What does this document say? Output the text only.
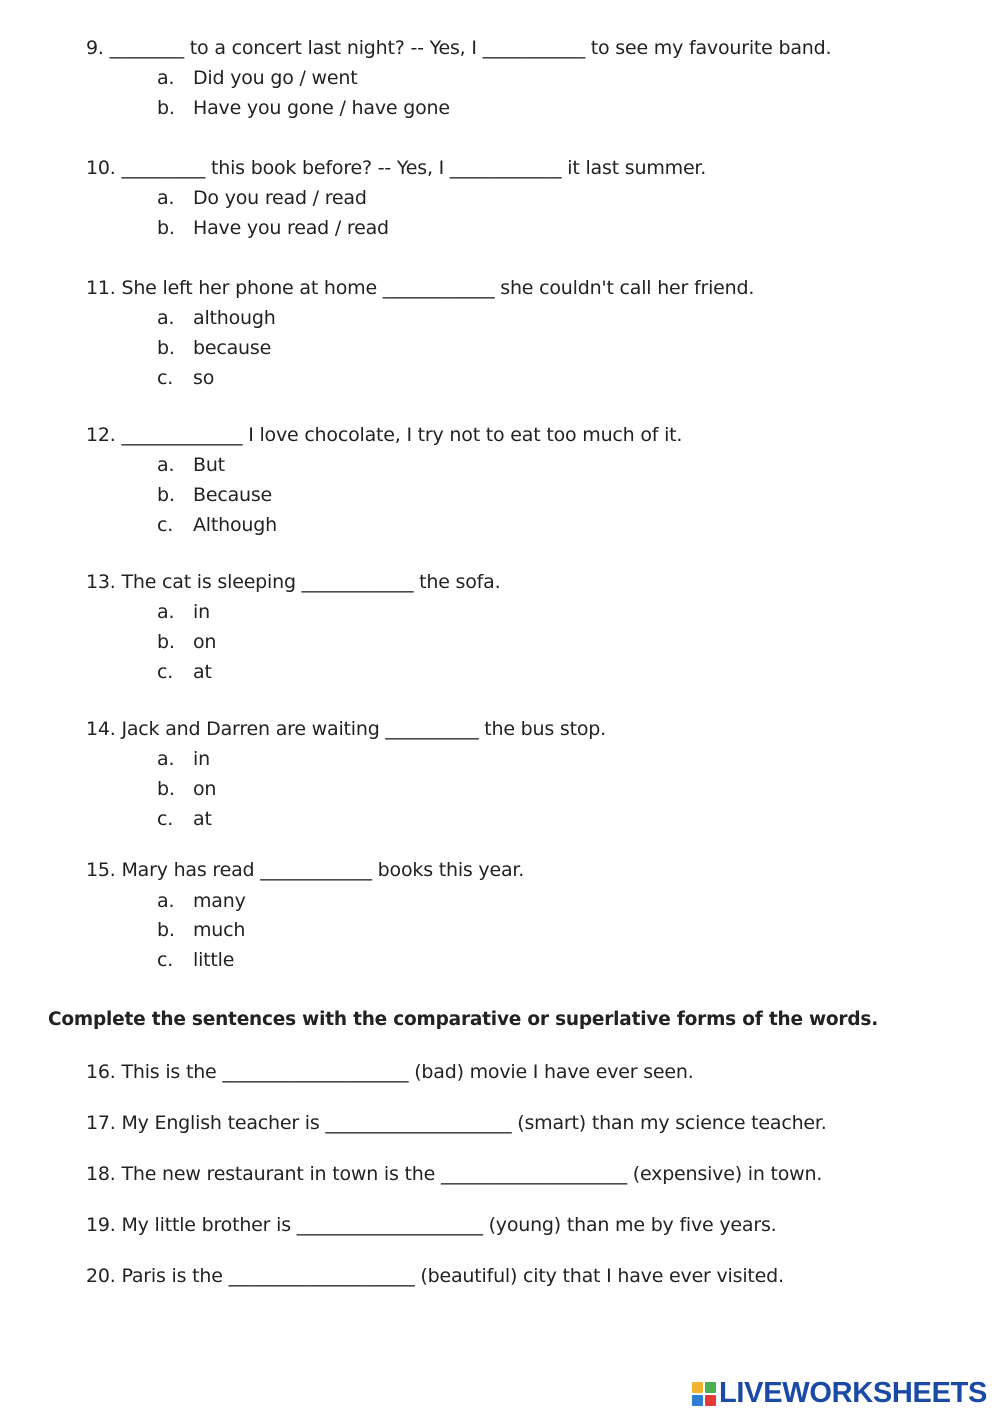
9. ________ to a concert last night? -- Yes, I ___________ to see my favourite band.
a. Did you go / went
b. Have you gone / have gone
10. _________ this book before? -- Yes, I ____________ it last summer.
a. Do you read / read
b. Have you read / read
11. She left her phone at home ____________ she couldn't call her friend.
a. although
b. because
c. so
12. _____________ I love chocolate, I try not to eat too much of it.
a. But
b. Because
c. Although
13. The cat is sleeping ____________ the sofa.
a. in
b. on
c. at
14. Jack and Darren are waiting __________ the bus stop.
a. in
b. on
c. at
15. Mary has read ____________ books this year.
a. many
b. much
c. little
Complete the sentences with the comparative or superlative forms of the words.
16. This is the ____________________ (bad) movie I have ever seen.
17. My English teacher is ____________________ (smart) than my science teacher.
18. The new restaurant in town is the ____________________ (expensive) in town.
19. My little brother is ____________________ (young) than me by five years.
20. Paris is the ____________________ (beautiful) city that I have ever visited.
LIVEWORKSHEETS
